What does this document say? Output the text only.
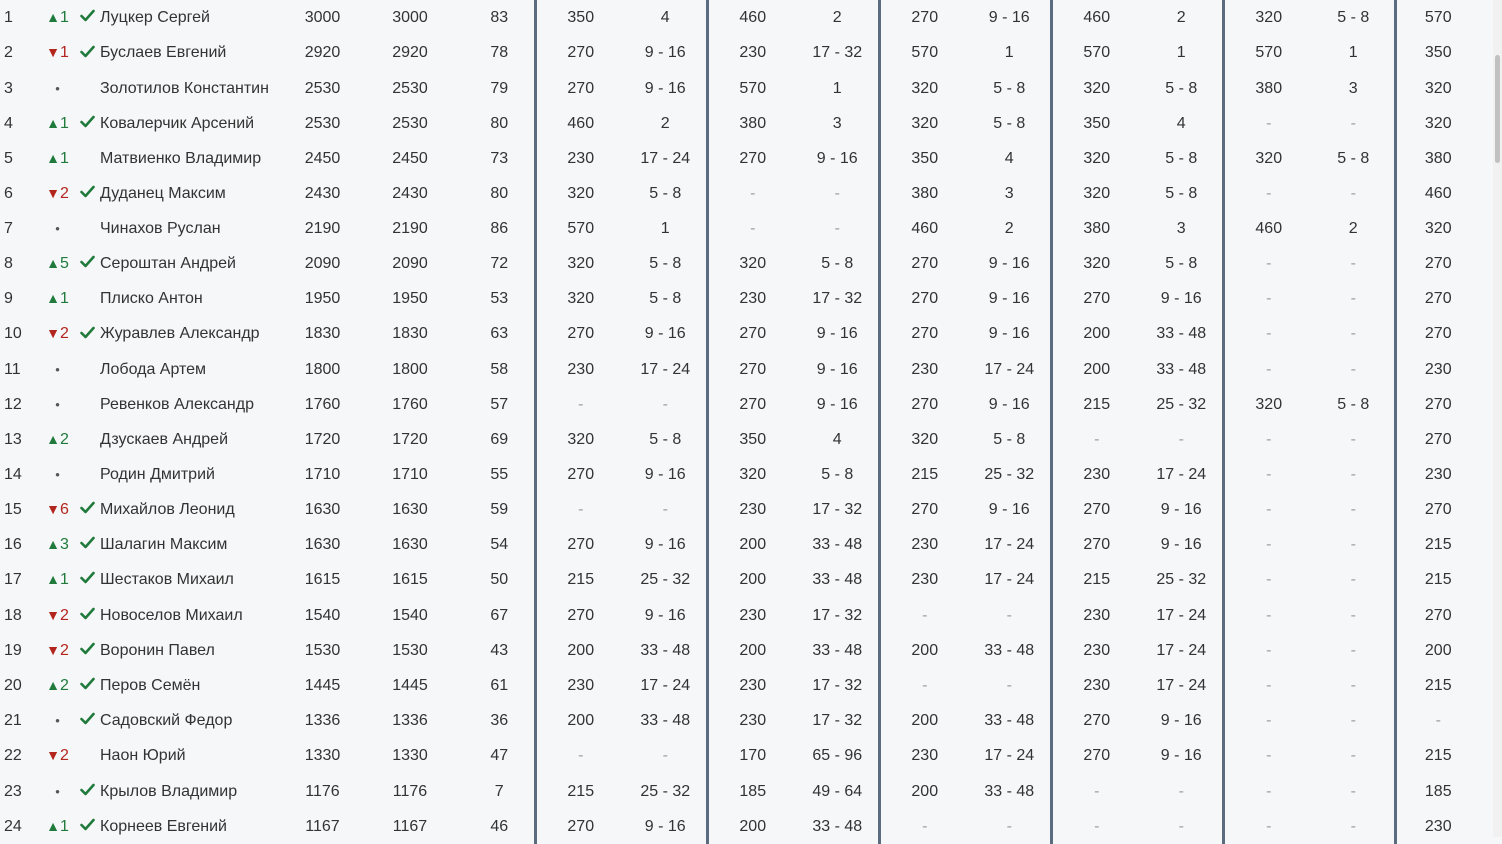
1	▲1		Луцкер Сергей	3000	3000	83	350	4	460	2	270	9 - 16	460	2	320	5 - 8	570
2	▼1		Буслаев Евгений	2920	2920	78	270	9 - 16	230	17 - 32	570	1	570	1	570	1	350
3	•		Золотилов Константин	2530	2530	79	270	9 - 16	570	1	320	5 - 8	320	5 - 8	380	3	320
4	▲1		Ковалерчик Арсений	2530	2530	80	460	2	380	3	320	5 - 8	350	4	-	-	320
5	▲1		Матвиенко Владимир	2450	2450	73	230	17 - 24	270	9 - 16	350	4	320	5 - 8	320	5 - 8	380
6	▼2		Дуданец Максим	2430	2430	80	320	5 - 8	-	-	380	3	320	5 - 8	-	-	460
7	•		Чинахов Руслан	2190	2190	86	570	1	-	-	460	2	380	3	460	2	320
8	▲5		Сероштан Андрей	2090	2090	72	320	5 - 8	320	5 - 8	270	9 - 16	320	5 - 8	-	-	270
9	▲1		Плиско Антон	1950	1950	53	320	5 - 8	230	17 - 32	270	9 - 16	270	9 - 16	-	-	270
10	▼2		Журавлев Александр	1830	1830	63	270	9 - 16	270	9 - 16	270	9 - 16	200	33 - 48	-	-	270
11	•		Лобода Артем	1800	1800	58	230	17 - 24	270	9 - 16	230	17 - 24	200	33 - 48	-	-	230
12	•		Ревенков Александр	1760	1760	57	-	-	270	9 - 16	270	9 - 16	215	25 - 32	320	5 - 8	270
13	▲2		Дзускаев Андрей	1720	1720	69	320	5 - 8	350	4	320	5 - 8	-	-	-	-	270
14	•		Родин Дмитрий	1710	1710	55	270	9 - 16	320	5 - 8	215	25 - 32	230	17 - 24	-	-	230
15	▼6		Михайлов Леонид	1630	1630	59	-	-	230	17 - 32	270	9 - 16	270	9 - 16	-	-	270
16	▲3		Шалагин Максим	1630	1630	54	270	9 - 16	200	33 - 48	230	17 - 24	270	9 - 16	-	-	215
17	▲1		Шестаков Михаил	1615	1615	50	215	25 - 32	200	33 - 48	230	17 - 24	215	25 - 32	-	-	215
18	▼2		Новоселов Михаил	1540	1540	67	270	9 - 16	230	17 - 32	-	-	230	17 - 24	-	-	270
19	▼2		Воронин Павел	1530	1530	43	200	33 - 48	200	33 - 48	200	33 - 48	230	17 - 24	-	-	200
20	▲2		Перов Семён	1445	1445	61	230	17 - 24	230	17 - 32	-	-	230	17 - 24	-	-	215
21	•		Садовский Федор	1336	1336	36	200	33 - 48	230	17 - 32	200	33 - 48	270	9 - 16	-	-	-
22	▼2		Наон Юрий	1330	1330	47	-	-	170	65 - 96	230	17 - 24	270	9 - 16	-	-	215
23	•		Крылов Владимир	1176	1176	7	215	25 - 32	185	49 - 64	200	33 - 48	-	-	-	-	185
24	▲1		Корнеев Евгений	1167	1167	46	270	9 - 16	200	33 - 48	-	-	-	-	-	-	230
